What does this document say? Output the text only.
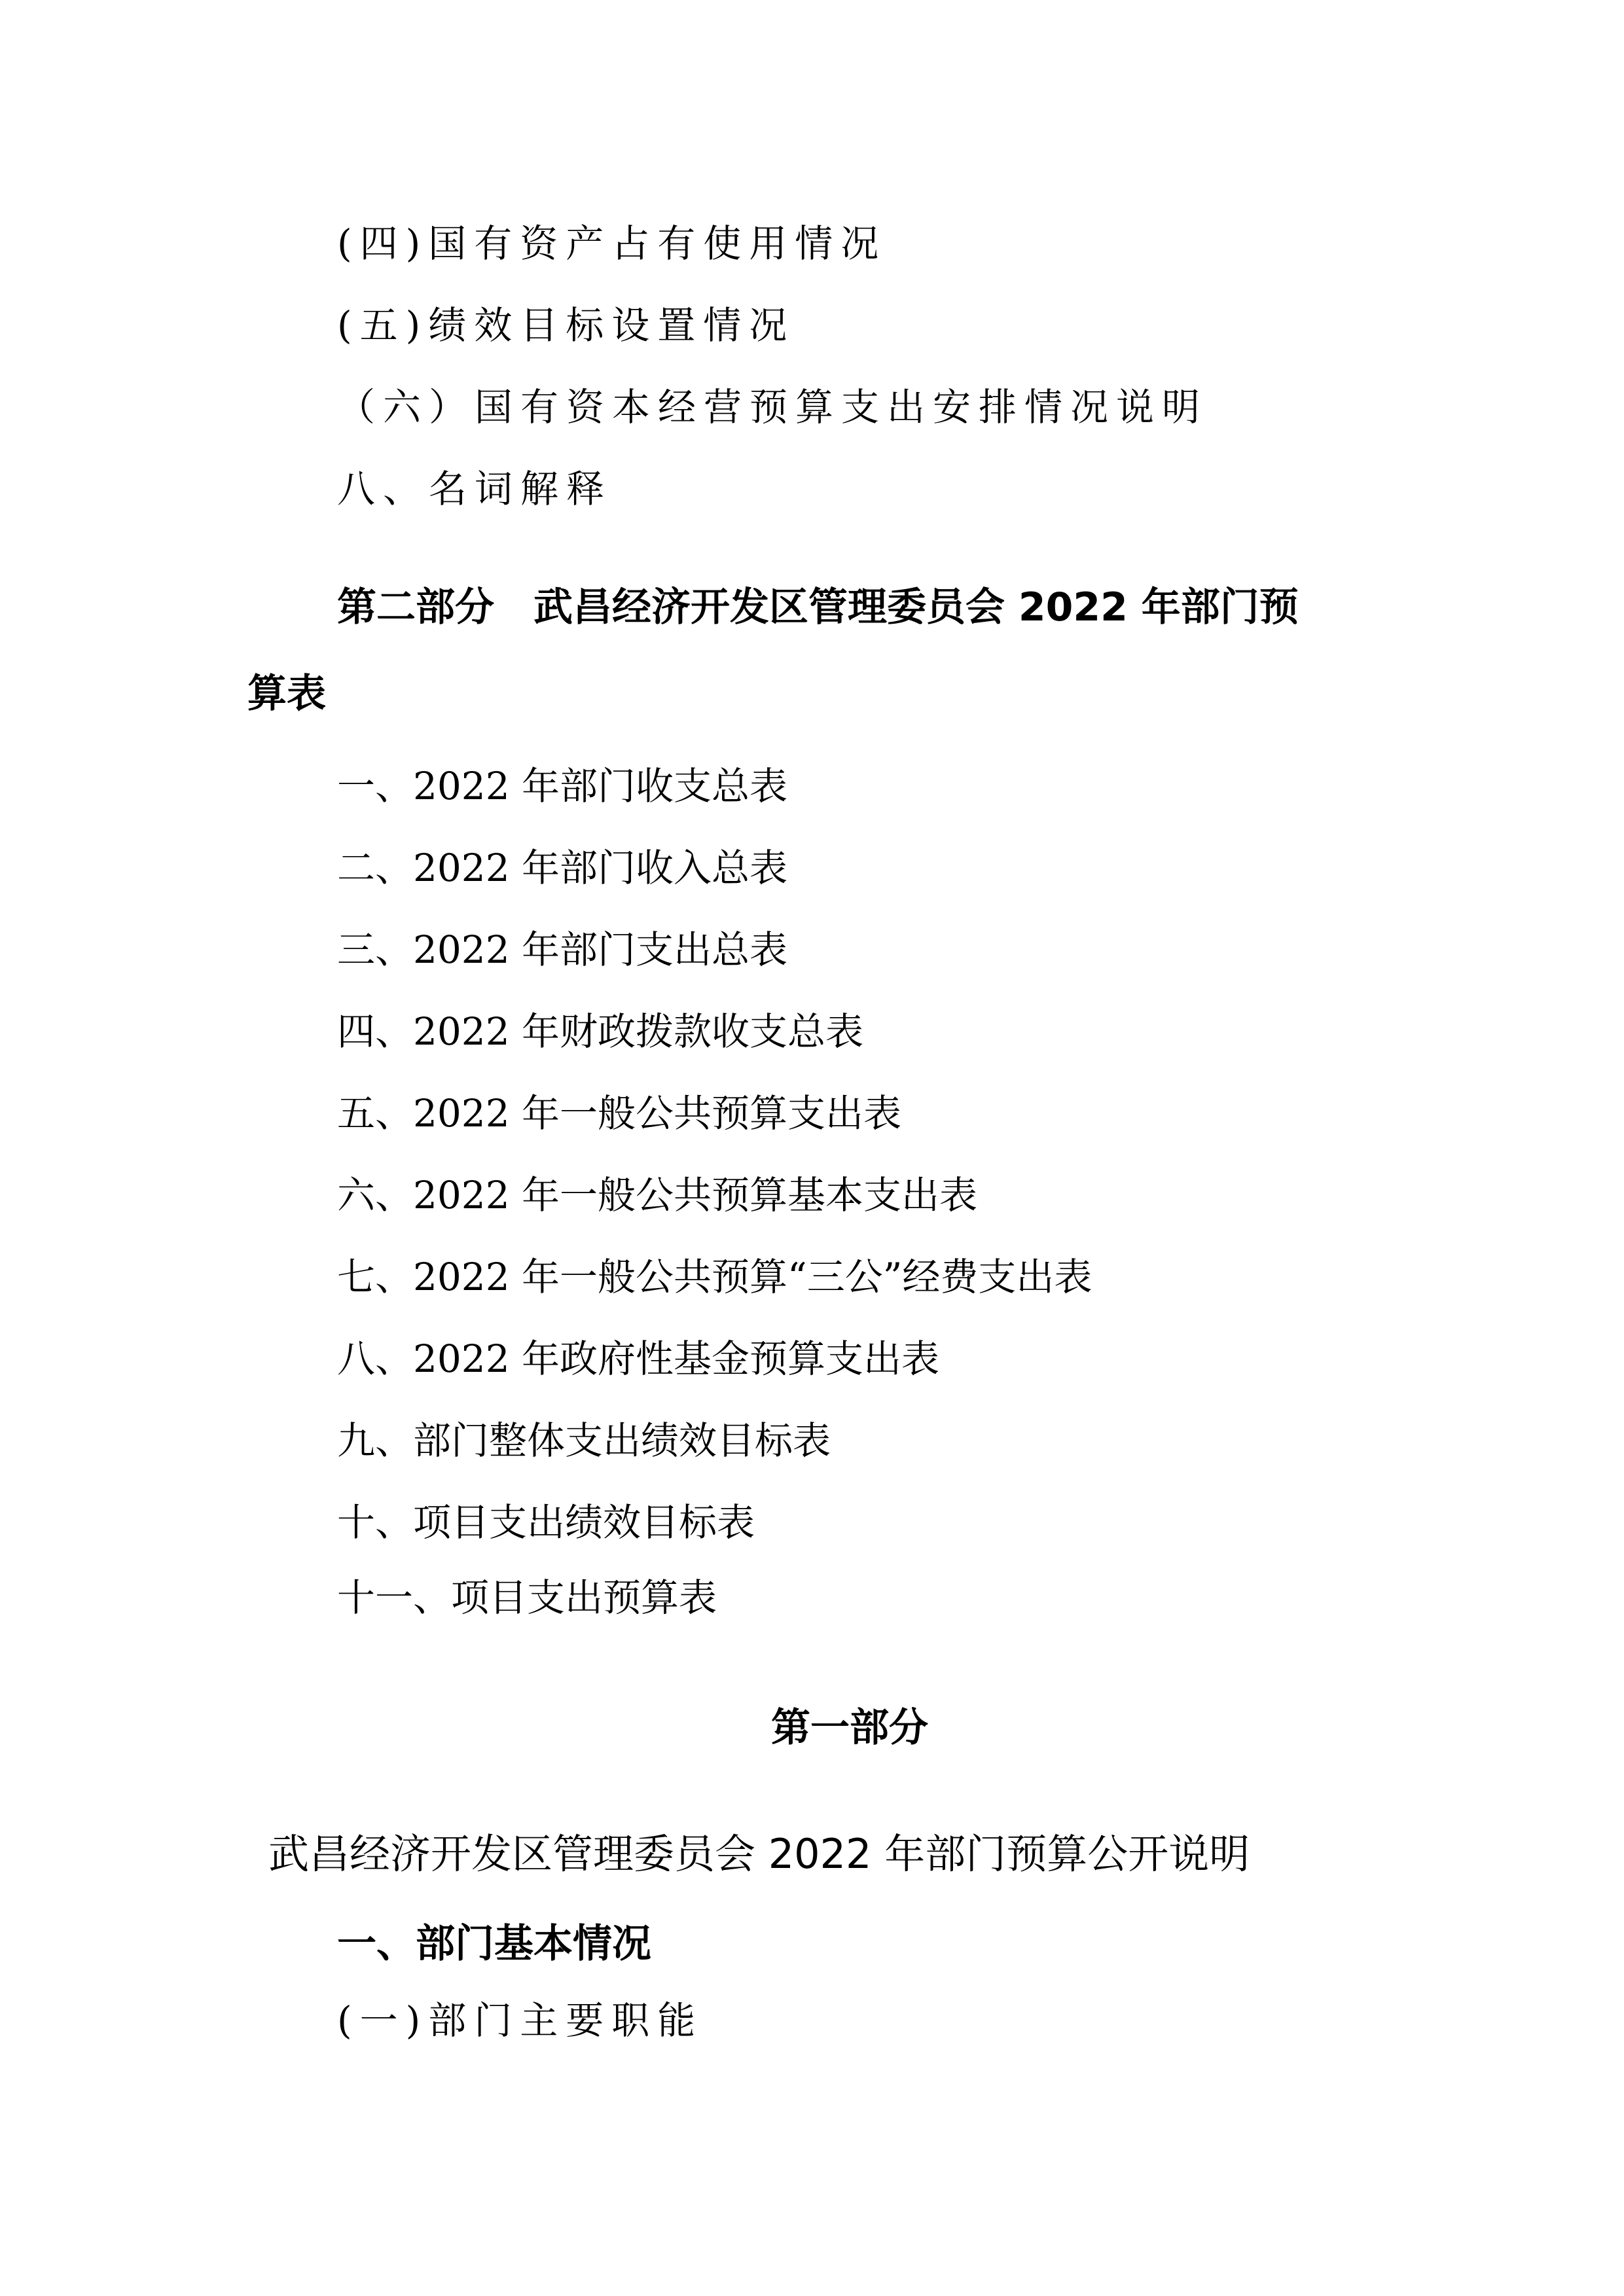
(四)国有资产占有使用情况
(五)绩效目标设置情况
（六）国有资本经营预算支出安排情况说明
八、名词解释
第二部分 武昌经济开发区管理委员会 2022 年部门预
算表
一、2022 年部门收支总表
二、2022 年部门收入总表
三、2022 年部门支出总表
四、2022 年财政拨款收支总表
五、2022 年一般公共预算支出表
六、2022 年一般公共预算基本支出表
七、2022 年一般公共预算“三公”经费支出表
八、2022 年政府性基金预算支出表
九、部门整体支出绩效目标表
十、项目支出绩效目标表
十一、项目支出预算表
第一部分
武昌经济开发区管理委员会 2022 年部门预算公开说明
一、部门基本情况
(一)部门主要职能
